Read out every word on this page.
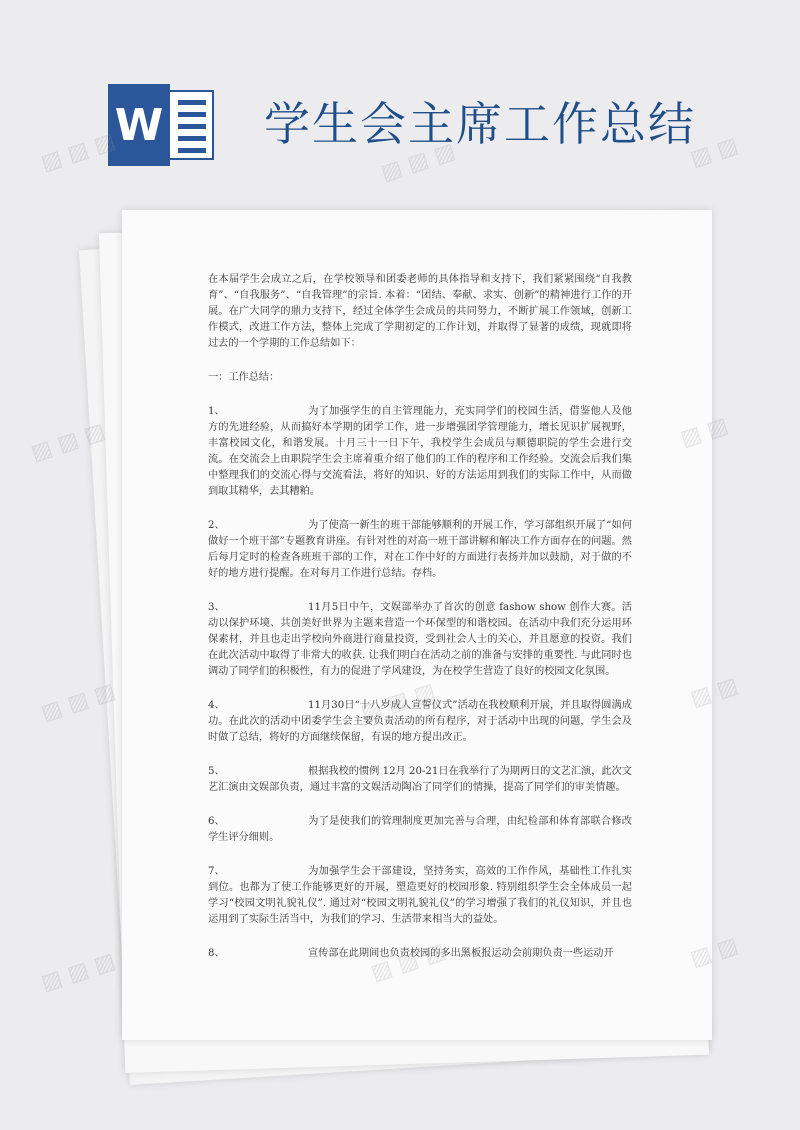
W 学生会主席工作总结

在本届学生会成立之后，在学校领导和团委老师的具体指导和支持下，我们紧紧围绕“自我教育”、“自我服务”、“自我管理”的宗旨. 本着：“团结、奉献、求实、创新”的精神进行工作的开展。在广大同学的鼎力支持下，经过全体学生会成员的共同努力，不断扩展工作领域，创新工作模式，改进工作方法，整体上完成了学期初定的工作计划，并取得了显著的成绩，现就即将过去的一个学期的工作总结如下：

一：工作总结：

1、	为了加强学生的自主管理能力，充实同学们的校园生活，借鉴他人及他方的先进经验，从而搞好本学期的团学工作，进一步增强团学管理能力，增长见识扩展视野，丰富校园文化，和谐发展。十月三十一日下午，我校学生会成员与顺德职院的学生会进行交流。在交流会上由职院学生会主席着重介绍了他们的工作的程序和工作经验。交流会后我们集中整理我们的交流心得与交流看法，将好的知识、好的方法运用到我们的实际工作中，从而做到取其精华，去其糟粕。

2、	为了使高一新生的班干部能够顺利的开展工作，学习部组织开展了“如何做好一个班干部”专题教育讲座。有针对性的对高一班干部讲解和解决工作方面存在的问题。然后每月定时的检查各班班干部的工作，对在工作中好的方面进行表扬并加以鼓励，对于做的不好的地方进行提醒。在对每月工作进行总结。存档。

3、	11月5日中午，文娱部举办了首次的创意 fashow show 创作大赛。活动以保护环境、共创美好世界为主题来营造一个环保型的和谐校园。在活动中我们充分运用环保素材，并且也走出学校向外商进行商量投资，受到社会人士的关心，并且愿意的投资。我们在此次活动中取得了非常大的收获. 让我们明白在活动之前的准备与安排的重要性. 与此同时也调动了同学们的积极性，有力的促进了学风建设，为在校学生营造了良好的校园文化氛围。

4、	11月30日“十八岁成人宣誓仪式”活动在我校顺利开展，并且取得圆满成功。在此次的活动中团委学生会主要负责活动的所有程序，对于活动中出现的问题，学生会及时做了总结，将好的方面继续保留，有误的地方提出改正。

5、	根据我校的惯例 12月 20-21日在我举行了为期两日的文艺汇演，此次文艺汇演由文娱部负责，通过丰富的文娱活动陶冶了同学们的情操，提高了同学们的审美情趣。

6、	为了是使我们的管理制度更加完善与合理，由纪检部和体育部联合修改学生评分细则。

7、	为加强学生会干部建设，坚持务实，高效的工作作风，基础性工作扎实到位。也都为了使工作能够更好的开展，塑造更好的校园形象. 特别组织学生会全体成员一起学习“校园文明礼貌礼仪”. 通过对“校园文明礼貌礼仪”的学习增强了我们的礼仪知识，并且也运用到了实际生活当中，为我们的学习、生活带来相当大的益处。

8、	宣传部在此期间也负责校园的多出黑板报运动会前期负责一些运动开

▨ ▨ ▨	▨ ▨ ▨	▨ ▨
▨ ▨ ▨	▨ ▨
▨ ▨ ▨	▨ ▨ ▨	▨ ▨
▨ ▨ ▨	▨ ▨ ▨	▨ ▨
